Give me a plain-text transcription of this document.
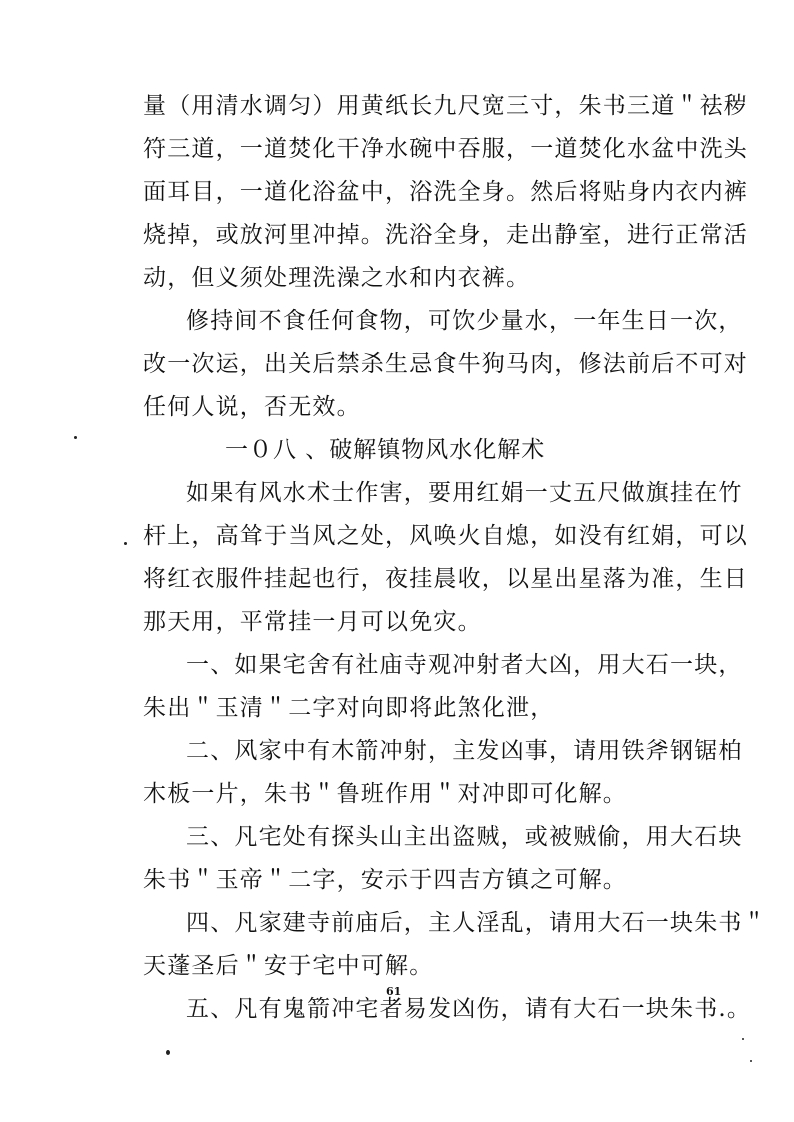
量（用清水调匀）用黄纸长九尺宽三寸，朱书三道＂祛秽
符三道，一道焚化干净水碗中吞服，一道焚化水盆中洗头
面耳目，一道化浴盆中，浴洗全身。然后将贴身内衣内裤
烧掉，或放河里冲掉。洗浴全身，走出静室，进行正常活
动，但义须处理洗澡之水和内衣裤。
修持间不食任何食物，可饮少量水，一年生日一次，
改一次运，出关后禁杀生忌食牛狗马肉，修法前后不可对
任何人说，否无效。
一０八 、破解镇物风水化解术
如果有风水术士作害，要用红娟一丈五尺做旗挂在竹
杆上，高耸于当风之处，风唤火自熄，如没有红娟，可以
将红衣服件挂起也行，夜挂晨收，以星出星落为准，生日
那天用，平常挂一月可以免灾。
一、如果宅舍有社庙寺观冲射者大凶，用大石一块，
朱出＂玉清＂二字对向即将此煞化泄，
二、风家中有木箭冲射，主发凶事，请用铁斧钢锯柏
木板一片，朱书＂鲁班作用＂对冲即可化解。
三、凡宅处有探头山主出盗贼，或被贼偷，用大石块
朱书＂玉帝＂二字，安示于四吉方镇之可解。
四、凡家建寺前庙后，主人淫乱，请用大石一块朱书＂
天蓬圣后＂安于宅中可解。
五、凡有鬼箭冲宅者易发凶伤，请有大石一块朱书.。
61
